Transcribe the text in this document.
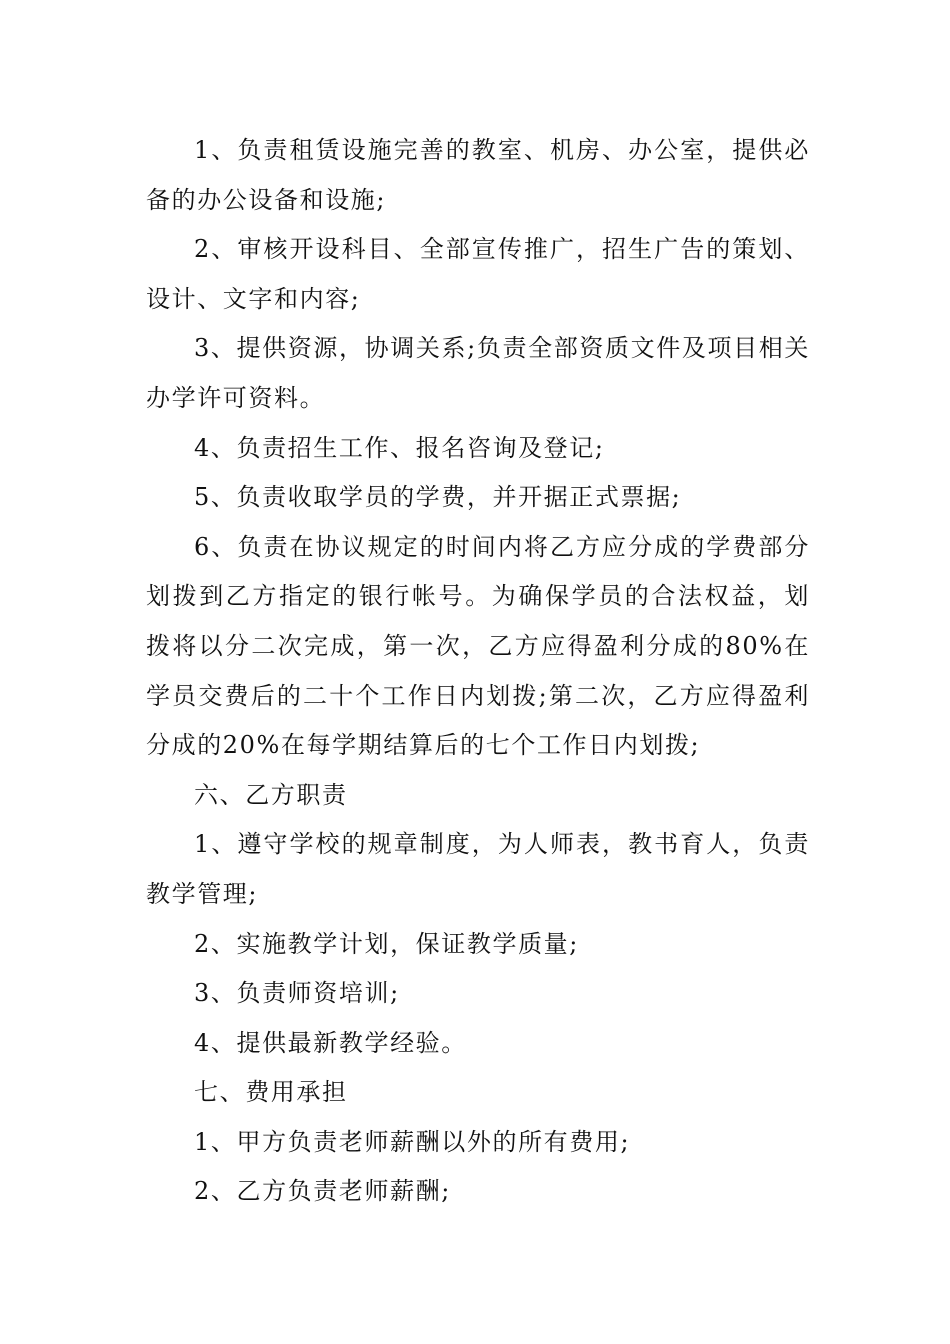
1、负责租赁设施完善的教室、机房、办公室，提供必备的办公设备和设施;

2、审核开设科目、全部宣传推广，招生广告的策划、设计、文字和内容;

3、提供资源，协调关系;负责全部资质文件及项目相关办学许可资料。

4、负责招生工作、报名咨询及登记;

5、负责收取学员的学费，并开据正式票据;

6、负责在协议规定的时间内将乙方应分成的学费部分划拨到乙方指定的银行帐号。为确保学员的合法权益，划拨将以分二次完成，第一次，乙方应得盈利分成的80%在学员交费后的二十个工作日内划拨;第二次，乙方应得盈利分成的20%在每学期结算后的七个工作日内划拨;

六、乙方职责

1、遵守学校的规章制度，为人师表，教书育人，负责教学管理;

2、实施教学计划，保证教学质量;

3、负责师资培训;

4、提供最新教学经验。

七、费用承担

1、甲方负责老师薪酬以外的所有费用;

2、乙方负责老师薪酬;
